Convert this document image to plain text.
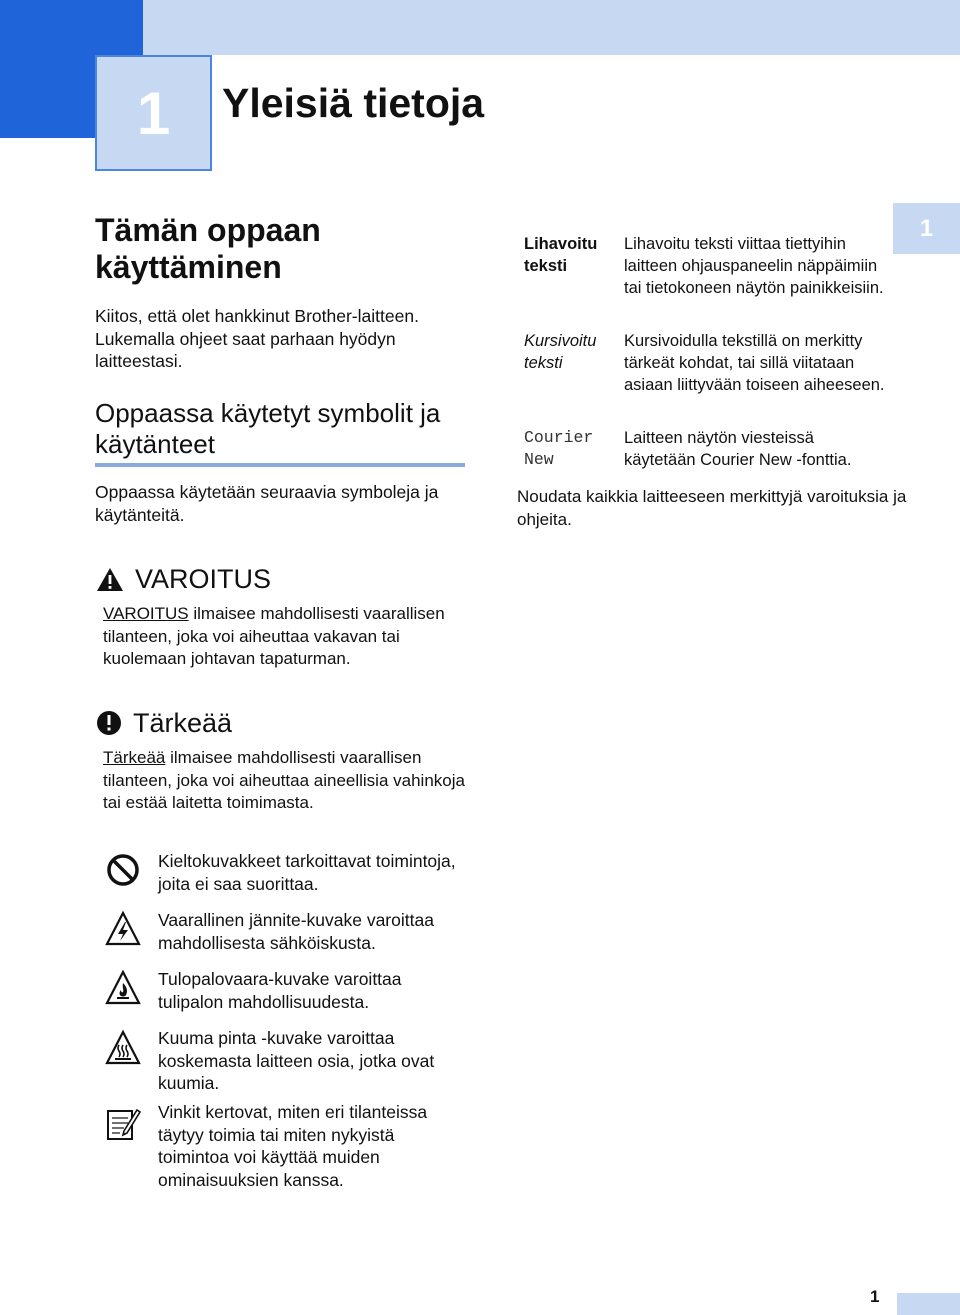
1 Yleisiä tietoja
1
Tämän oppaan käyttäminen
Kiitos, että olet hankkinut Brother-laitteen. Lukemalla ohjeet saat parhaan hyödyn laitteestasi.
Oppaassa käytetyt symbolit ja käytänteet
Oppaassa käytetään seuraavia symboleja ja käytänteitä.
Lihavoitu teksti
Lihavoitu teksti viittaa tiettyihin laitteen ohjauspaneelin näppäimiin tai tietokoneen näytön painikkeisiin.
Kursivoitu teksti
Kursivoidulla tekstillä on merkitty tärkeät kohdat, tai sillä viitataan asiaan liittyvään toiseen aiheeseen.
Courier New
Laitteen näytön viesteissä käytetään Courier New -fonttia.
Noudata kaikkia laitteeseen merkittyjä varoituksia ja ohjeita.
VAROITUS
VAROITUS ilmaisee mahdollisesti vaarallisen tilanteen, joka voi aiheuttaa vakavan tai kuolemaan johtavan tapaturman.
Tärkeää
Tärkeää ilmaisee mahdollisesti vaarallisen tilanteen, joka voi aiheuttaa aineellisia vahinkoja tai estää laitetta toimimasta.
Kieltokuvakkeet tarkoittavat toimintoja, joita ei saa suorittaa.
Vaarallinen jännite-kuvake varoittaa mahdollisesta sähköiskusta.
Tulopalovaara-kuvake varoittaa tulipalon mahdollisuudesta.
Kuuma pinta -kuvake varoittaa koskemasta laitteen osia, jotka ovat kuumia.
Vinkit kertovat, miten eri tilanteissa täytyy toimia tai miten nykyistä toimintoa voi käyttää muiden ominaisuuksien kanssa.
1
